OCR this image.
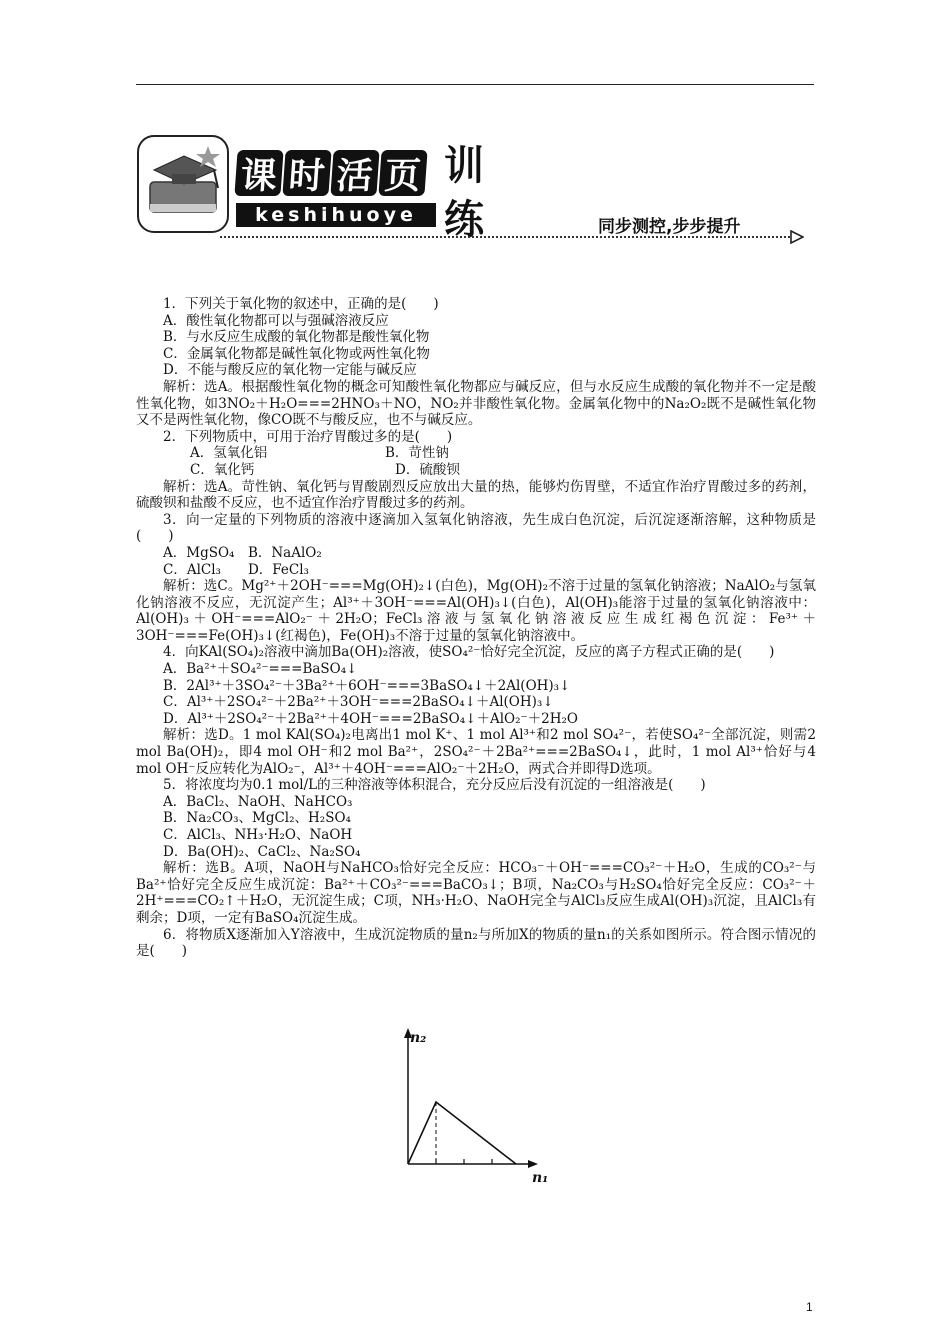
课 时 活 页
keshihuoye
训
练	同步测控,步步提升

1．下列关于氧化物的叙述中，正确的是(　　)

A．酸性氧化物都可以与强碱溶液反应

B．与水反应生成酸的氧化物都是酸性氧化物

C．金属氧化物都是碱性氧化物或两性氧化物

D．不能与酸反应的氧化物一定能与碱反应

解析：选A。根据酸性氧化物的概念可知酸性氧化物都应与碱反应，但与水反应生成酸的氧化物并不一定是酸性氧化物，如3NO₂＋H₂O===2HNO₃＋NO，NO₂并非酸性氧化物。金属氧化物中的Na₂O₂既不是碱性氧化物又不是两性氧化物，像CO既不与酸反应，也不与碱反应。

2．下列物质中，可用于治疗胃酸过多的是(　　)

A．氢氧化铝	B．苛性钠

C．氧化钙	D．硫酸钡

解析：选A。苛性钠、氧化钙与胃酸剧烈反应放出大量的热，能够灼伤胃壁，不适宜作治疗胃酸过多的药剂，硫酸钡和盐酸不反应，也不适宜作治疗胃酸过多的药剂。

3．向一定量的下列物质的溶液中逐滴加入氢氧化钠溶液，先生成白色沉淀，后沉淀逐渐溶解，这种物质是(　　)

A．MgSO₄　B．NaAlO₂

C．AlCl₃　　D．FeCl₃

解析：选C。Mg²⁺＋2OH⁻===Mg(OH)₂↓(白色)，Mg(OH)₂不溶于过量的氢氧化钠溶液；NaAlO₂与氢氧化钠溶液不反应，无沉淀产生；Al³⁺＋3OH⁻===Al(OH)₃↓(白色)，Al(OH)₃能溶于过量的氢氧化钠溶液中：Al(OH)₃＋OH⁻===AlO₂⁻＋2H₂O；FeCl₃溶液与氢氧化钠溶液反应生成红褐色沉淀：Fe³⁺＋3OH⁻===Fe(OH)₃↓(红褐色)，Fe(OH)₃不溶于过量的氢氧化钠溶液中。

4．向KAl(SO₄)₂溶液中滴加Ba(OH)₂溶液，使SO₄²⁻恰好完全沉淀，反应的离子方程式正确的是(　　)

A．Ba²⁺＋SO₄²⁻===BaSO₄↓

B．2Al³⁺＋3SO₄²⁻＋3Ba²⁺＋6OH⁻===3BaSO₄↓＋2Al(OH)₃↓

C．Al³⁺＋2SO₄²⁻＋2Ba²⁺＋3OH⁻===2BaSO₄↓＋Al(OH)₃↓

D．Al³⁺＋2SO₄²⁻＋2Ba²⁺＋4OH⁻===2BaSO₄↓＋AlO₂⁻＋2H₂O

解析：选D。1 mol KAl(SO₄)₂电离出1 mol K⁺、1 mol Al³⁺和2 mol SO₄²⁻，若使SO₄²⁻全部沉淀，则需2 mol Ba(OH)₂，即4 mol OH⁻和2 mol Ba²⁺，2SO₄²⁻＋2Ba²⁺===2BaSO₄↓，此时，1 mol Al³⁺恰好与4 mol OH⁻反应转化为AlO₂⁻，Al³⁺＋4OH⁻===AlO₂⁻＋2H₂O，两式合并即得D选项。

5．将浓度均为0.1 mol/L的三种溶液等体积混合，充分反应后没有沉淀的一组溶液是(　　)

A．BaCl₂、NaOH、NaHCO₃

B．Na₂CO₃、MgCl₂、H₂SO₄

C．AlCl₃、NH₃·H₂O、NaOH

D．Ba(OH)₂、CaCl₂、Na₂SO₄

解析：选B。A项，NaOH与NaHCO₃恰好完全反应：HCO₃⁻＋OH⁻===CO₃²⁻＋H₂O，生成的CO₃²⁻与Ba²⁺恰好完全反应生成沉淀：Ba²⁺＋CO₃²⁻===BaCO₃↓；B项，Na₂CO₃与H₂SO₄恰好完全反应：CO₃²⁻＋2H⁺===CO₂↑＋H₂O，无沉淀生成；C项，NH₃·H₂O、NaOH完全与AlCl₃反应生成Al(OH)₃沉淀，且AlCl₃有剩余；D项，一定有BaSO₄沉淀生成。

6．将物质X逐渐加入Y溶液中，生成沉淀物质的量n₂与所加X的物质的量n₁的关系如图所示。符合图示情况的是(　　)

n₂
n₁
1
